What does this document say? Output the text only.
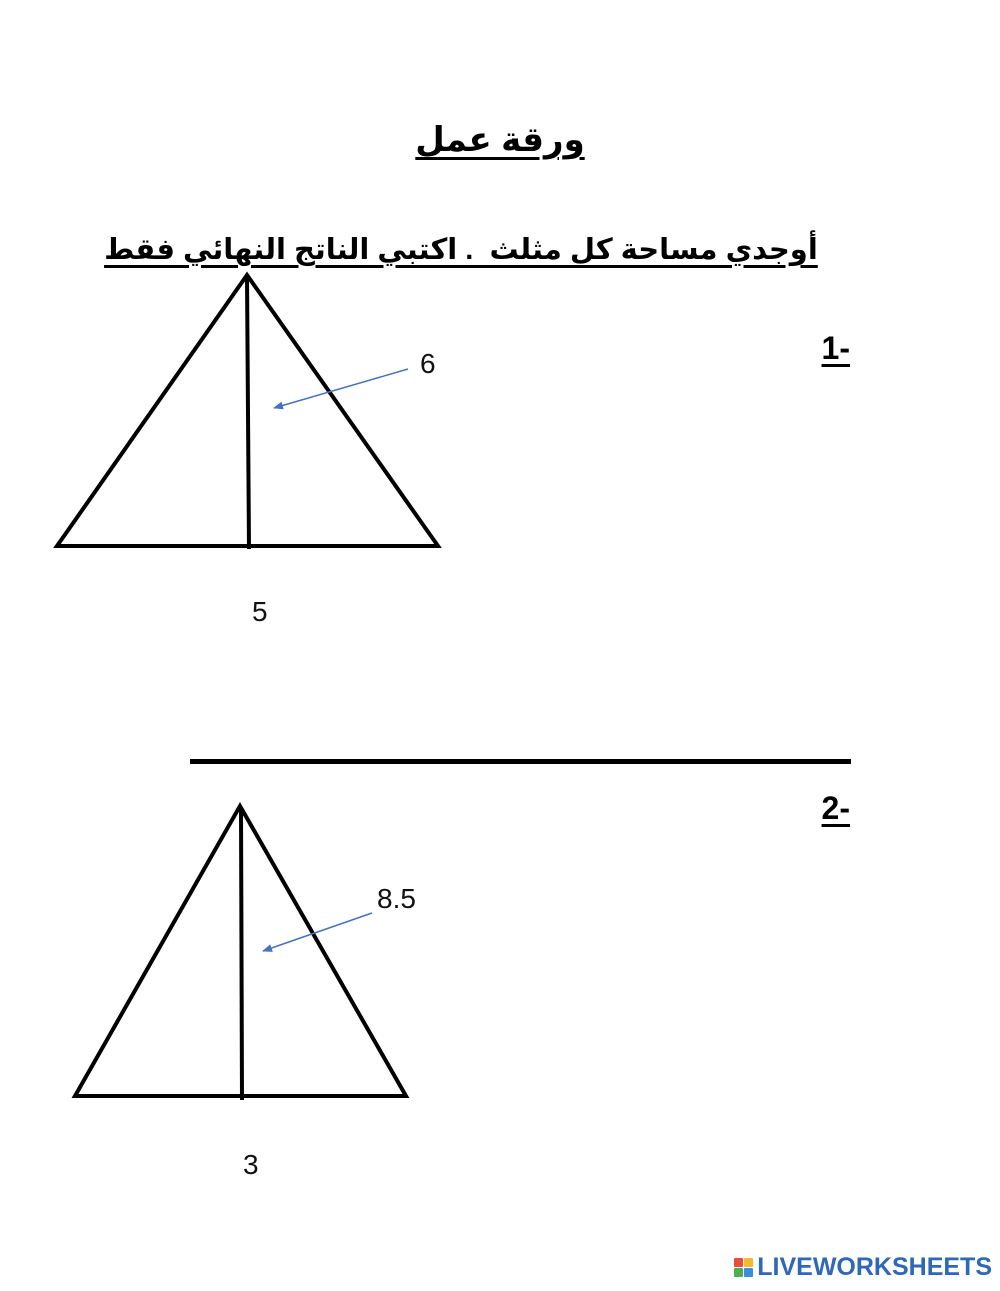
ورقة عمل

أوجدي مساحة كل مثلث  . اكتبي الناتج النهائي فقط

1-
2-
6
5
8.5
3
LIVEWORKSHEETS
